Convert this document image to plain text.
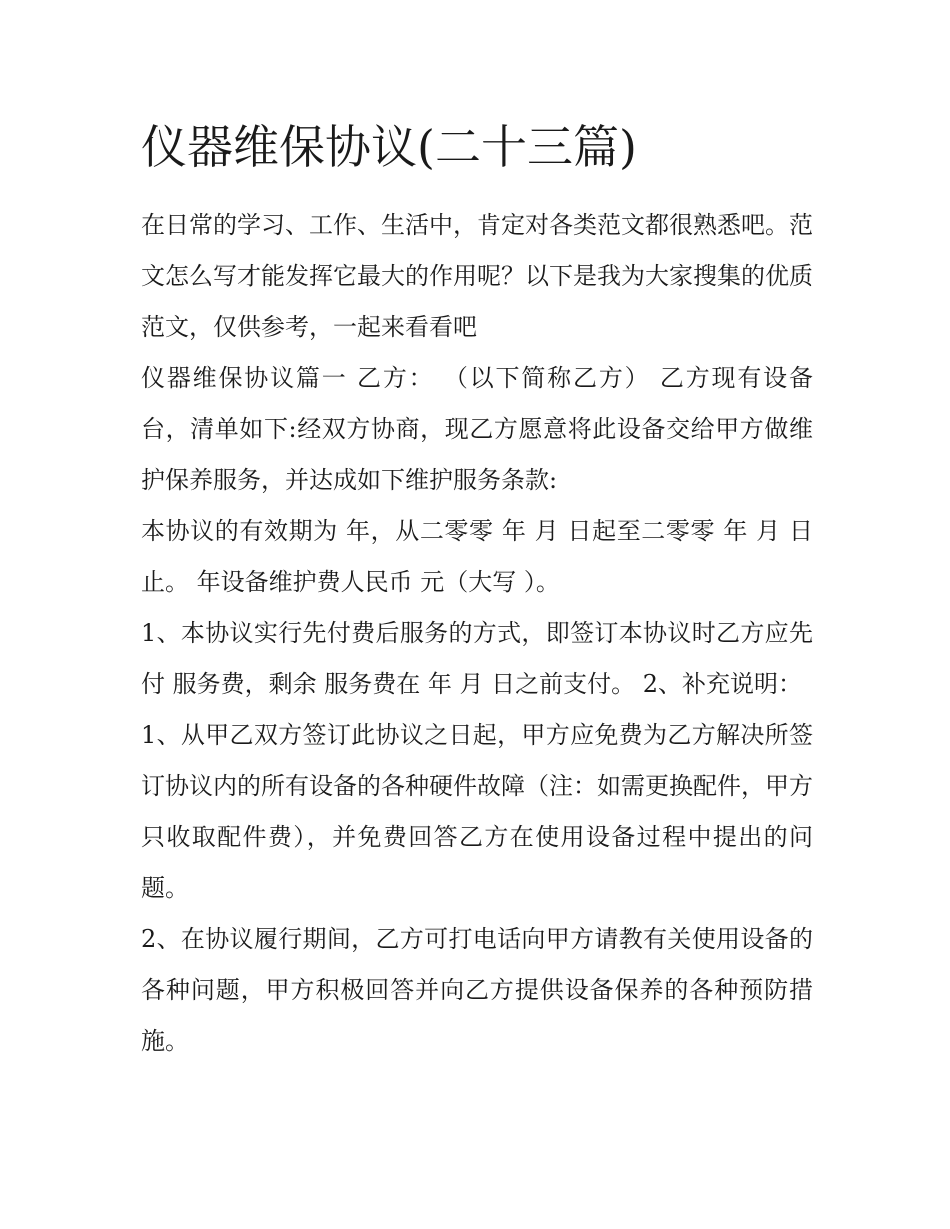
仪器维保协议(二十三篇)

在日常的学习、工作、生活中，肯定对各类范文都很熟悉吧。范文怎么写才能发挥它最大的作用呢？以下是我为大家搜集的优质范文，仅供参考，一起来看看吧

仪器维保协议篇一 乙方： （以下简称乙方） 乙方现有设备 台，清单如下:经双方协商，现乙方愿意将此设备交给甲方做维护保养服务，并达成如下维护服务条款:

本协议的有效期为 年，从二零零 年 月 日起至二零零 年 月 日止。 年设备维护费人民币 元（大写 ）。

1、本协议实行先付费后服务的方式，即签订本协议时乙方应先付 服务费，剩余 服务费在 年 月 日之前支付。 2、补充说明：

1、从甲乙双方签订此协议之日起，甲方应免费为乙方解决所签订协议内的所有设备的各种硬件故障（注：如需更换配件，甲方只收取配件费），并免费回答乙方在使用设备过程中提出的问题。

2、在协议履行期间，乙方可打电话向甲方请教有关使用设备的各种问题，甲方积极回答并向乙方提供设备保养的各种预防措施。
